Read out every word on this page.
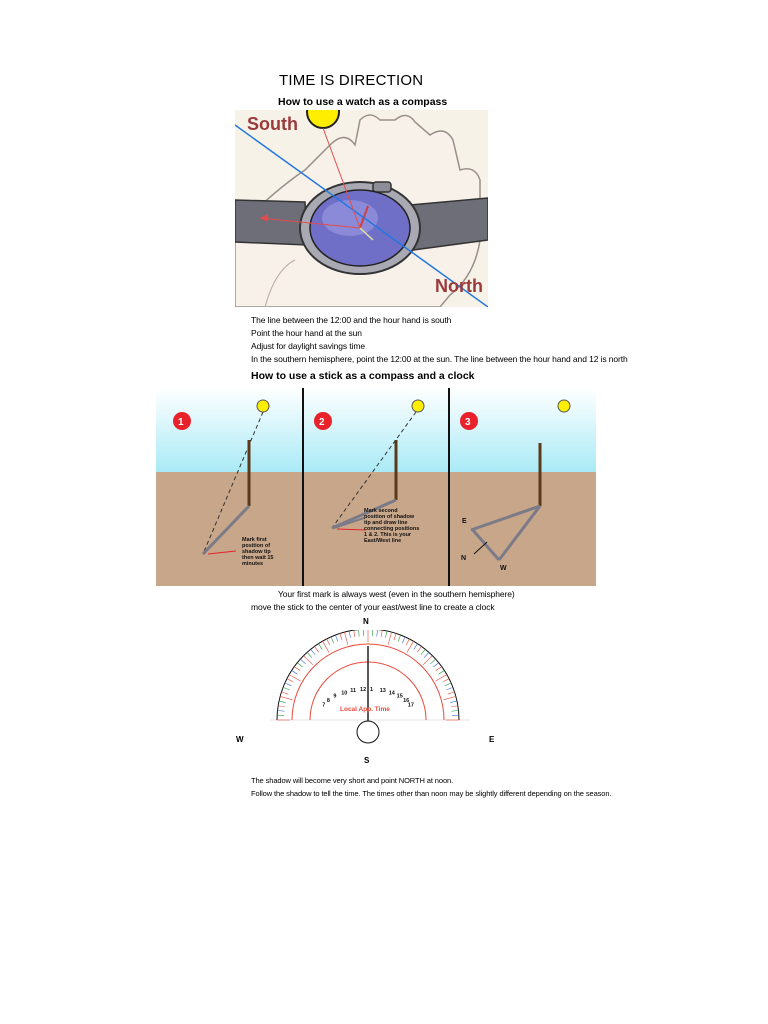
TIME IS DIRECTION
How to use a watch as a compass
South
North
The line between the 12:00 and the hour hand is south
Point the hour hand at the sun
Adjust for daylight savings time
In the southern hemisphere, point the 12:00 at the sun. The line between the hour hand and 12 is north
How to use a stick as a compass and a clock
1
Mark first position of shadow tip then wait 15 minutes
2
Mark second position of shadow tip and draw line connecting positions 1 & 2. This is your East/West line
3
E
N
W
Your first mark is always west (even in the southern hemisphere)
move the stick to the center of your east/west line to create a clock
N
W	E
S
7
8
9
10 11 12 1 13 14
15
16
17
Local App. Time
The shadow will become very short and point NORTH at noon.
Follow the shadow to tell the time. The times other than noon may be slightly different depending on the season.
